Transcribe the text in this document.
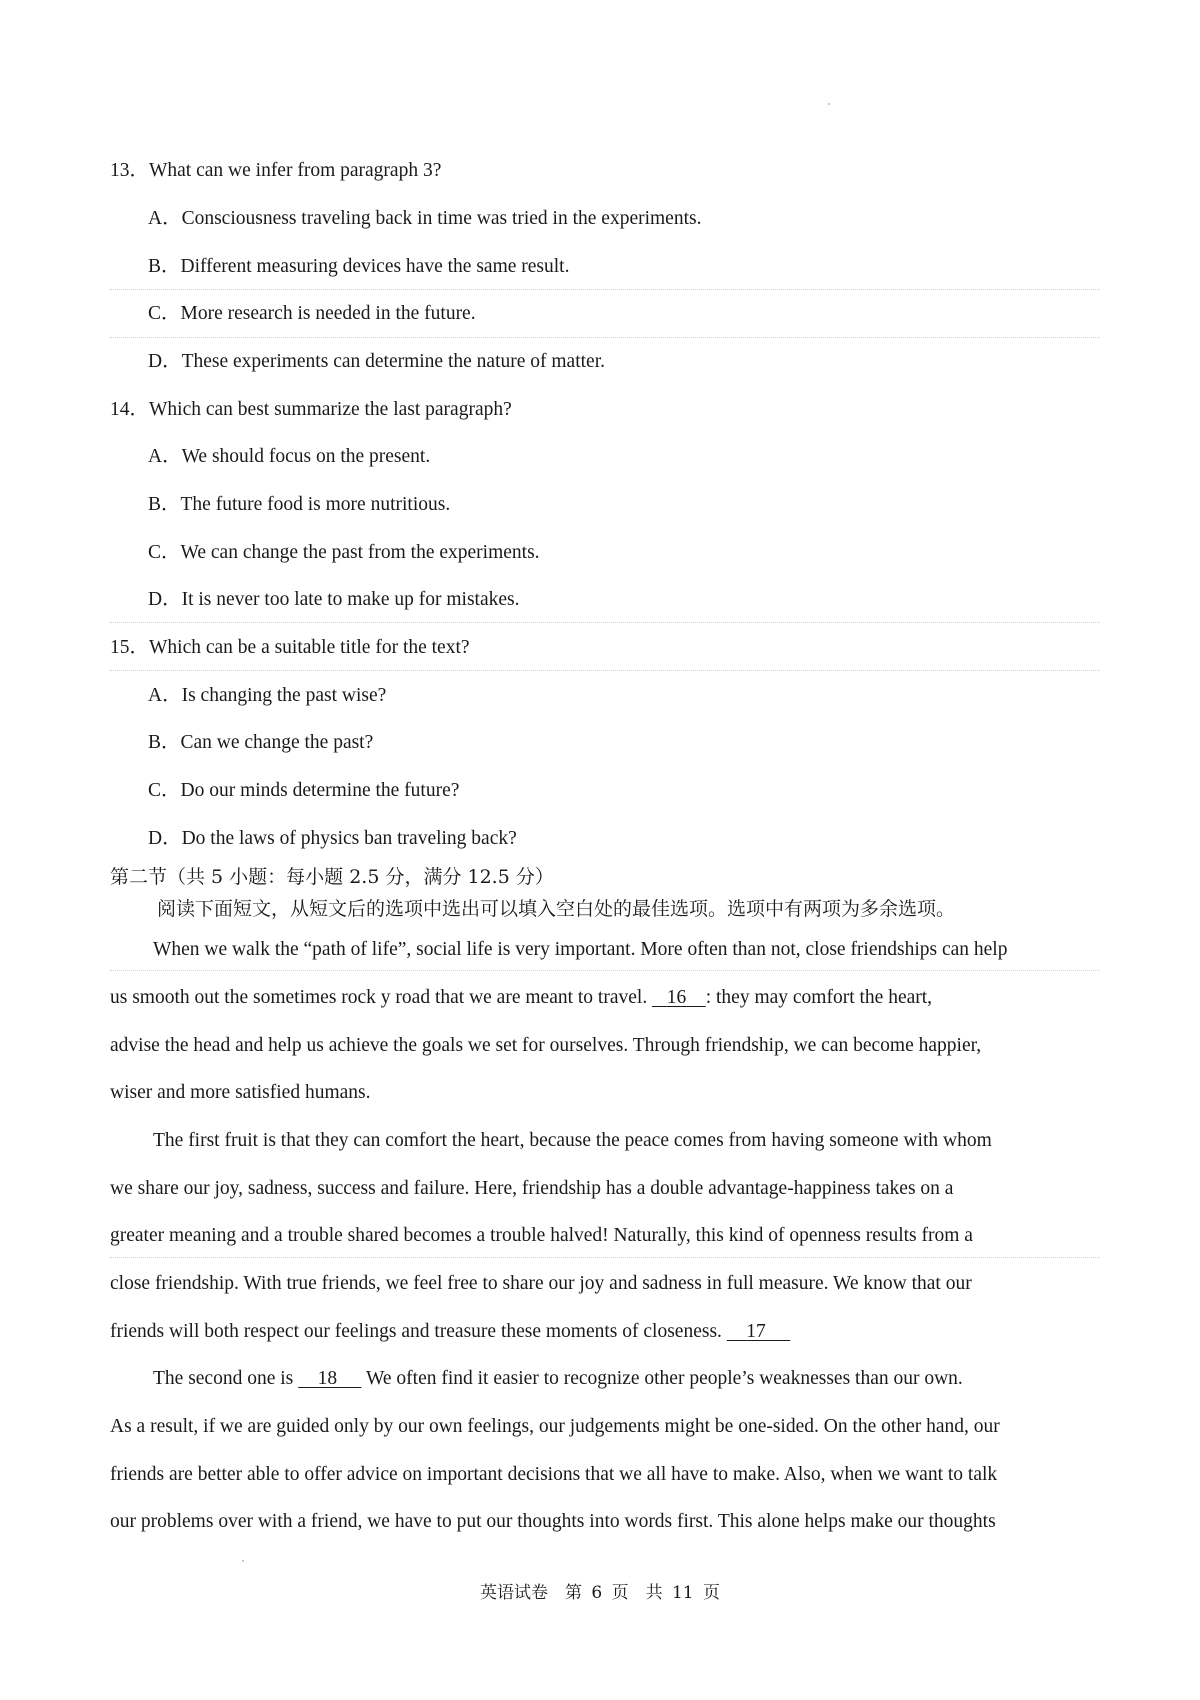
13．What can we infer from paragraph 3?
A．Consciousness traveling back in time was tried in the experiments.
B．Different measuring devices have the same result.
C．More research is needed in the future.
D．These experiments can determine the nature of matter.
14．Which can best summarize the last paragraph?
A．We should focus on the present.
B．The future food is more nutritious.
C．We can change the past from the experiments.
D．It is never too late to make up for mistakes.
15．Which can be a suitable title for the text?
A．Is changing the past wise?
B．Can we change the past?
C．Do our minds determine the future?
D．Do the laws of physics ban traveling back?
第二节（共 5 小题：每小题 2.5 分，满分 12.5 分）
阅读下面短文，从短文后的选项中选出可以填入空白处的最佳选项。选项中有两项为多余选项。
When we walk the “path of life”, social life is very important. More often than not, close friendships can help
us smooth out the sometimes rock y road that we are meant to travel.    16 : they may comfort the heart,
advise the head and help us achieve the goals we set for ourselves. Through friendship, we can become happier,
wiser and more satisfied humans.
The first fruit is that they can comfort the heart, because the peace comes from having someone with whom
we share our joy, sadness, success and failure. Here, friendship has a double advantage-happiness takes on a
greater meaning and a trouble shared becomes a trouble halved! Naturally, this kind of openness results from a
close friendship. With true friends, we feel free to share our joy and sadness in full measure. We know that our
friends will both respect our feelings and treasure these moments of closeness.     17
The second one is     18      We often find it easier to recognize other people’s weaknesses than our own.
As a result, if we are guided only by our own feelings, our judgements might be one-sided. On the other hand, our
friends are better able to offer advice on important decisions that we all have to make. Also, when we want to talk
our problems over with a friend, we have to put our thoughts into words first. This alone helps make our thoughts
英语试卷　第 6 页　共 11 页
